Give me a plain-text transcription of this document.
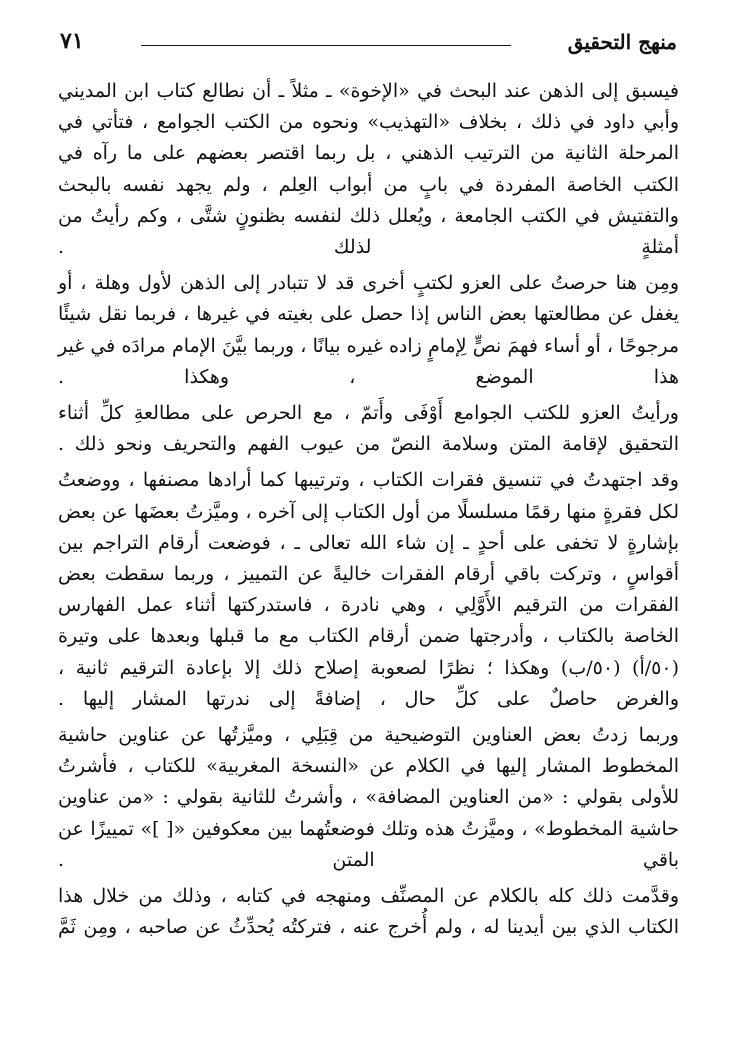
منهج التحقيق
٧١

فيسبق إلى الذهن عند البحث في «الإخوة» ـ مثلاً ـ أن نطالع كتاب ابن المديني وأبي داود في ذلك ، بخلاف «التهذيب» ونحوه من الكتب الجوامع ، فتأتي في المرحلة الثانية من الترتيب الذهني ، بل ربما اقتصر بعضهم على ما رآه في الكتب الخاصة المفردة في بابٍ من أبواب العِلم ، ولم يجهد نفسه بالبحث والتفتيش في الكتب الجامعة ، ويُعلل ذلك لنفسه بظنونٍ شتَّى ، وكم رأيتُ من أمثلةٍ لذلك .

ومِن هنا حرصتُ على العزو لكتبٍ أخرى قد لا تتبادر إلى الذهن لأول وهلة ، أو يغفل عن مطالعتها بعض الناس إذا حصل على بغيته في غيرها ، فربما نقل شيئًا مرجوحًا ، أو أساء فهمَ نصٍّ لِإمامٍ زاده غيره بيانًا ، وربما بيَّنَ الإمام مرادَه في غير هذا الموضع ، وهكذا .

ورأيتُ العزو للكتب الجوامع أَوْفَى وأَتمّ ، مع الحرص على مطالعةِ كلِّ أثناء التحقيق لإقامة المتن وسلامة النصّ من عيوب الفهم والتحريف ونحو ذلك .

وقد اجتهدتُ في تنسيق فقرات الكتاب ، وترتيبها كما أرادها مصنفها ، ووضعتُ لكل فقرةٍ منها رقمًا مسلسلًا من أول الكتاب إلى آخره ، وميَّزتُ بعضَها عن بعض بإشارةٍ لا تخفى على أحدٍ ـ إن شاء الله تعالى ـ ، فوضعت أرقام التراجم بين أقواسٍ ، وتركت باقي أرقام الفقرات خاليةً عن التمييز ، وربما سقطت بعض الفقرات من الترقيم الأَوَّلِي ، وهي نادرة ، فاستدركتها أثناء عمل الفهارس الخاصة بالكتاب ، وأدرجتها ضمن أرقام الكتاب مع ما قبلها وبعدها على وتيرة (٥٠/أ) (٥٠/ب) وهكذا ؛ نظرًا لصعوبة إصلاح ذلك إلا بإعادة الترقيم ثانية ، والغرض حاصلٌ على كلِّ حال ، إضافةً إلى ندرتها المشار إليها .

وربما زدتُ بعض العناوين التوضيحية من قِبَلِي ، وميَّزتُها عن عناوين حاشية المخطوط المشار إليها في الكلام عن «النسخة المغربية» للكتاب ، فأشرتُ للأولى بقولي : «من العناوين المضافة» ، وأشرتُ للثانية بقولي : «من عناوين حاشية المخطوط» ، وميَّزتُ هذه وتلك فوضعتُهما بين معكوفين «[ ]» تمييزًا عن باقي المتن .

وقدَّمت ذلك كله بالكلام عن المصنِّف ومنهجه في كتابه ، وذلك من خلال هذا الكتاب الذي بين أيدينا له ، ولم أُخرج عنه ، فتركتُه يُحدِّثُ عن صاحبه ، ومِن ثَمَّ
